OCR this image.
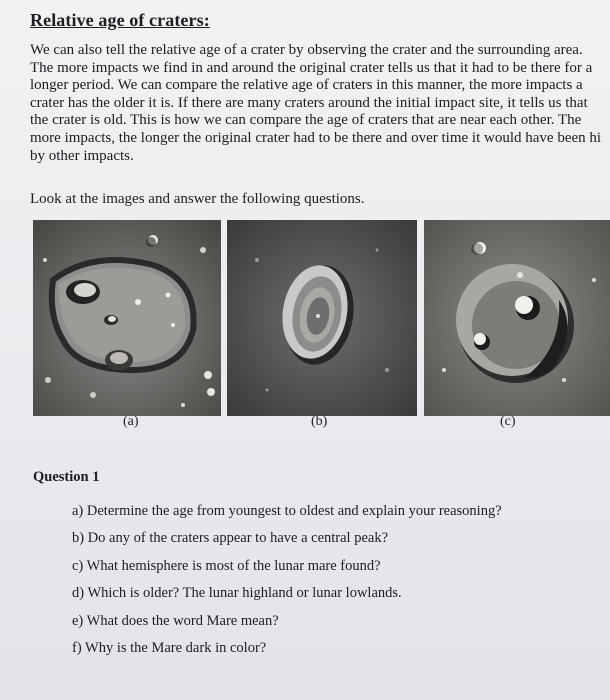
Relative age of craters:
We can also tell the relative age of a crater by observing the crater and the surrounding area.
The more impacts we find in and around the original crater tells us that it had to be there for a
longer period. We can compare the relative age of craters in this manner, the more impacts a
crater has the older it is. If there are many craters around the initial impact site, it tells us that
the crater is old. This is how we can compare the age of craters that are near each other. The
more impacts, the longer the original crater had to be there and over time it would have been hi
by other impacts.
Look at the images and answer the following questions.
(a)	(b)	(c)
Question 1
a) Determine the age from youngest to oldest and explain your reasoning?
b) Do any of the craters appear to have a central peak?
c) What hemisphere is most of the lunar mare found?
d) Which is older? The lunar highland or lunar lowlands.
e) What does the word Mare mean?
f) Why is the Mare dark in color?
